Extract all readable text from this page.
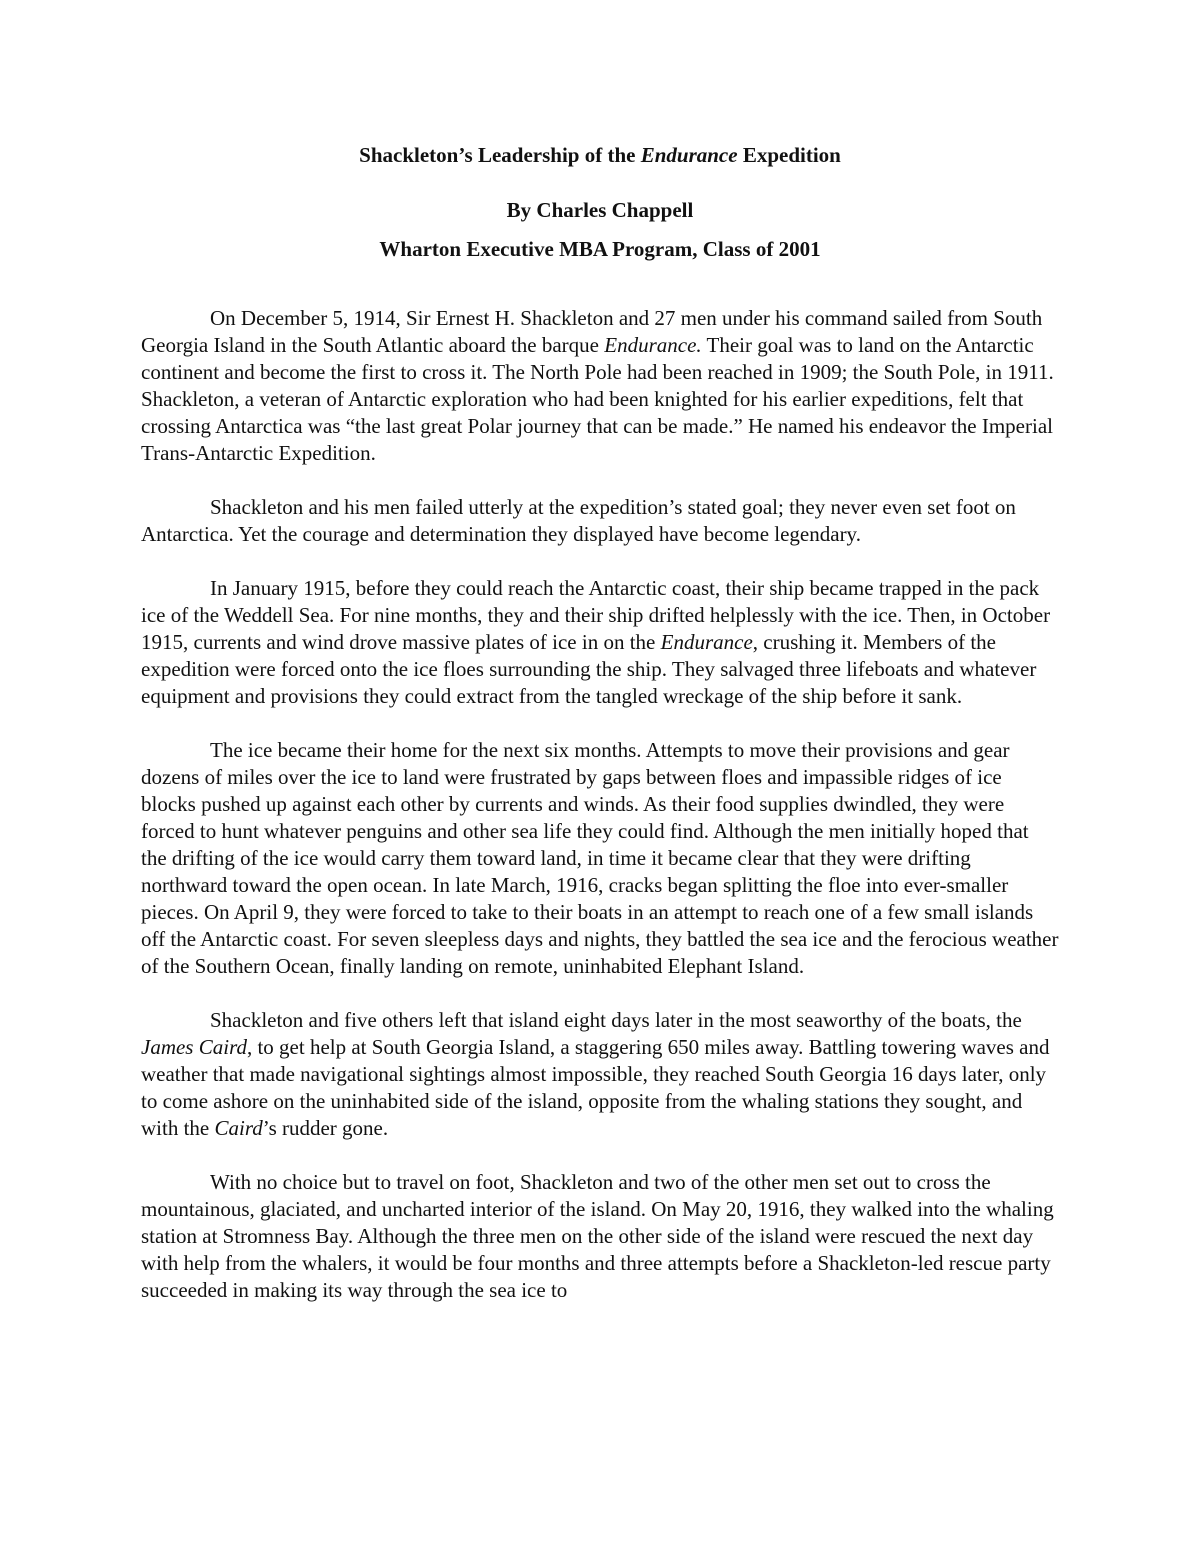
Shackleton’s Leadership of the Endurance Expedition
By Charles Chappell
Wharton Executive MBA Program, Class of 2001

On December 5, 1914, Sir Ernest H. Shackleton and 27 men under his command sailed from South Georgia Island in the South Atlantic aboard the barque Endurance. Their goal was to land on the Antarctic continent and become the first to cross it. The North Pole had been reached in 1909; the South Pole, in 1911. Shackleton, a veteran of Antarctic exploration who had been knighted for his earlier expeditions, felt that crossing Antarctica was “the last great Polar journey that can be made.” He named his endeavor the Imperial Trans-Antarctic Expedition.

Shackleton and his men failed utterly at the expedition’s stated goal; they never even set foot on Antarctica. Yet the courage and determination they displayed have become legendary.

In January 1915, before they could reach the Antarctic coast, their ship became trapped in the pack ice of the Weddell Sea. For nine months, they and their ship drifted helplessly with the ice. Then, in October 1915, currents and wind drove massive plates of ice in on the Endurance, crushing it. Members of the expedition were forced onto the ice floes surrounding the ship. They salvaged three lifeboats and whatever equipment and provisions they could extract from the tangled wreckage of the ship before it sank.

The ice became their home for the next six months. Attempts to move their provisions and gear dozens of miles over the ice to land were frustrated by gaps between floes and impassible ridges of ice blocks pushed up against each other by currents and winds. As their food supplies dwindled, they were forced to hunt whatever penguins and other sea life they could find. Although the men initially hoped that the drifting of the ice would carry them toward land, in time it became clear that they were drifting northward toward the open ocean. In late March, 1916, cracks began splitting the floe into ever-smaller pieces. On April 9, they were forced to take to their boats in an attempt to reach one of a few small islands off the Antarctic coast. For seven sleepless days and nights, they battled the sea ice and the ferocious weather of the Southern Ocean, finally landing on remote, uninhabited Elephant Island.

Shackleton and five others left that island eight days later in the most seaworthy of the boats, the James Caird, to get help at South Georgia Island, a staggering 650 miles away. Battling towering waves and weather that made navigational sightings almost impossible, they reached South Georgia 16 days later, only to come ashore on the uninhabited side of the island, opposite from the whaling stations they sought, and with the Caird’s rudder gone.

With no choice but to travel on foot, Shackleton and two of the other men set out to cross the mountainous, glaciated, and uncharted interior of the island. On May 20, 1916, they walked into the whaling station at Stromness Bay. Although the three men on the other side of the island were rescued the next day with help from the whalers, it would be four months and three attempts before a Shackleton-led rescue party succeeded in making its way through the sea ice to
